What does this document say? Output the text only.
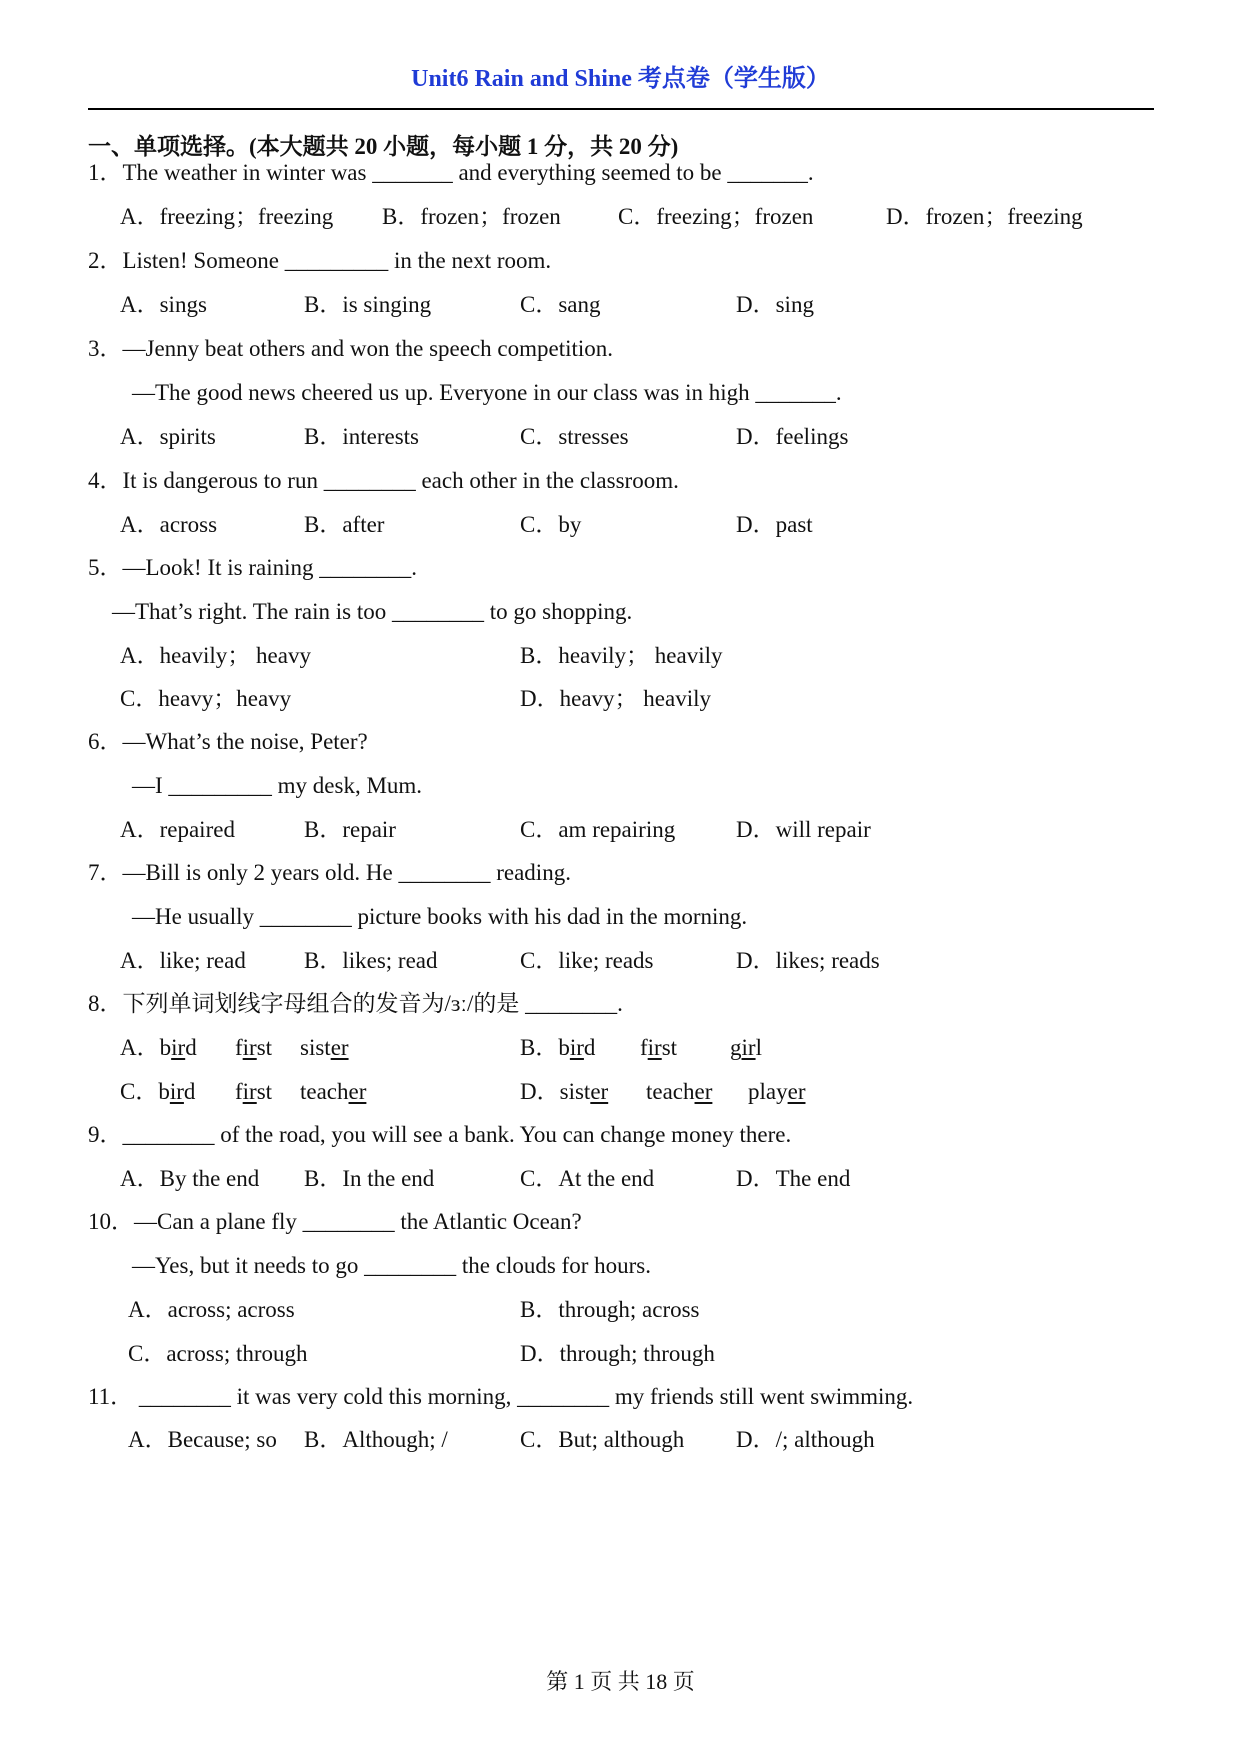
Unit6 Rain and Shine 考点卷（学生版）
一、单项选择。(本大题共 20 小题，每小题 1 分，共 20 分)
1．The weather in winter was _______ and everything seemed to be _______.
A．freezing；freezing B．frozen；frozen C．freezing；frozen	D．frozen；freezing
2．Listen! Someone _________ in the next room.
A．sings	B．is singing	C．sang	D．sing
3．—Jenny beat others and won the speech competition.
—The good news cheered us up. Everyone in our class was in high _______.
A．spirits	B．interests	C．stresses	D．feelings
4．It is dangerous to run ________ each other in the classroom.
A．across	B．after	C．by	D．past
5．—Look! It is raining ________.
—That’s right. The rain is too ________ to go shopping.
A．heavily； heavy	B．heavily； heavily
C．heavy；heavy	D．heavy； heavily
6．—What’s the noise, Peter?
—I _________ my desk, Mum.
A．repaired	B．repair	C．am repairing	D．will repair
7．—Bill is only 2 years old. He ________ reading.
—He usually ________ picture books with his dad in the morning.
A．like; read	B．likes; read	C．like; reads	D．likes; reads
8．下列单词划线字母组合的发音为/ɜː/的是 ________.
A．bird first sister	B．bird first girl
C．bird first teacher	D．sister teacher player
9．________ of the road, you will see a bank. You can change money there.
A．By the end B．In the end	C．At the end	D．The end
10．—Can a plane fly ________ the Atlantic Ocean?
—Yes, but it needs to go ________ the clouds for hours.
A．across; across	B．through; across
C．across; through	D．through; through
11． ________ it was very cold this morning, ________ my friends still went swimming.
A．Because; so B．Although; /	C．But; although D．/; although
第 1 页 共 18 页
